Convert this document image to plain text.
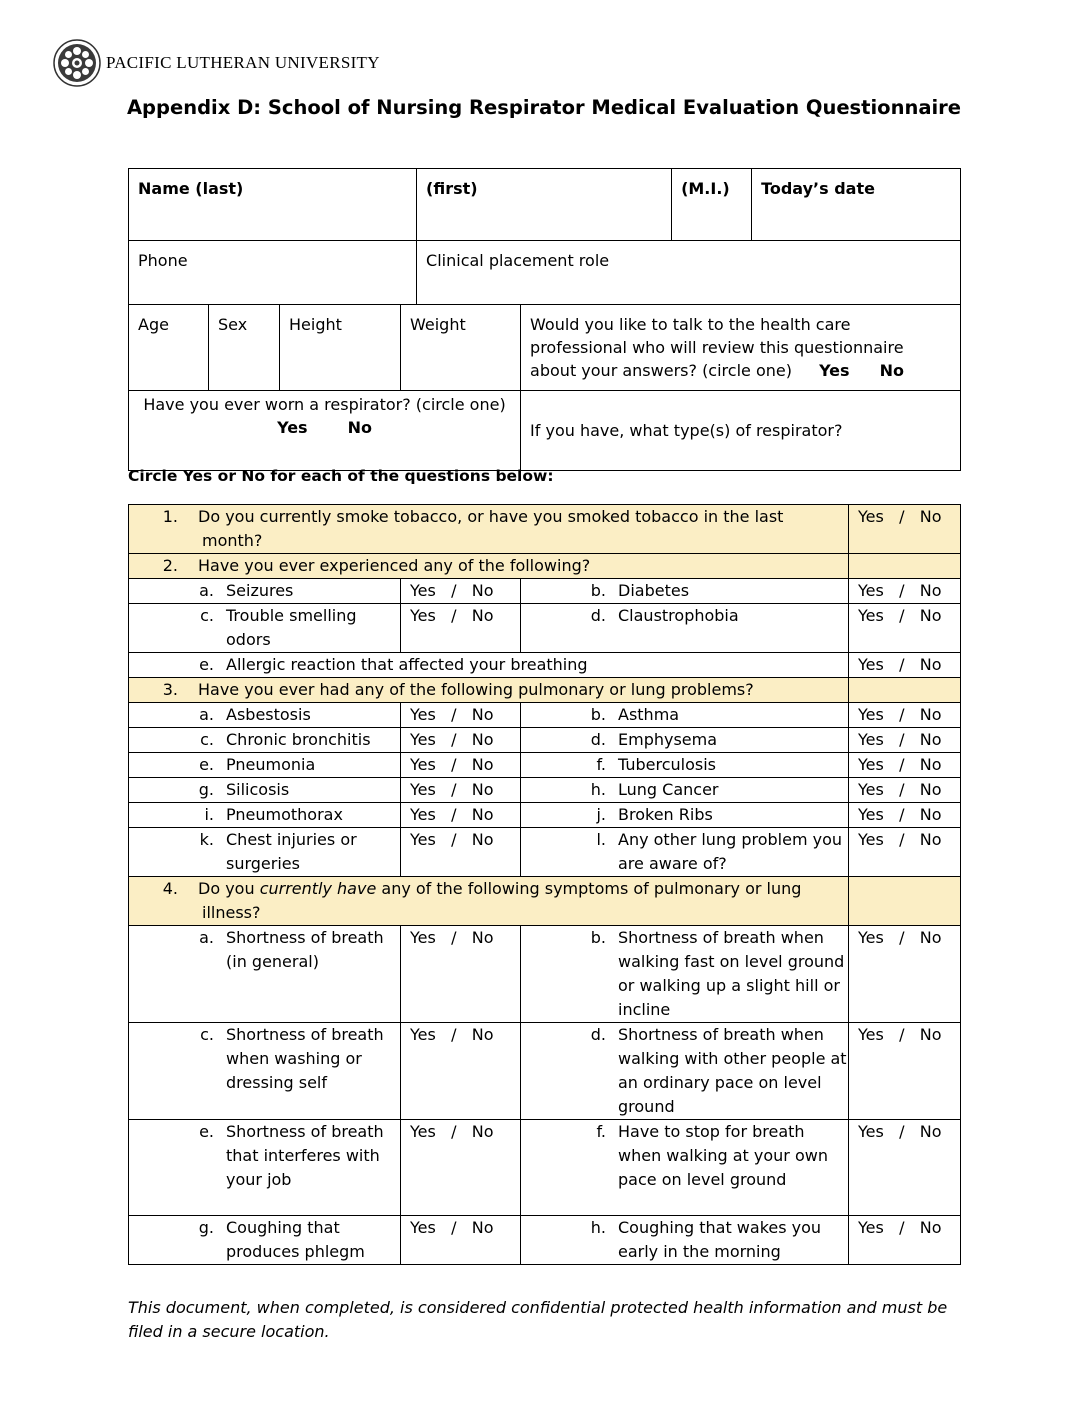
PACIFIC LUTHERAN UNIVERSITY
Appendix D: School of Nursing Respirator Medical Evaluation Questionnaire
Name (last)				(first)		(M.I.)	Today’s date
Phone				Clinical placement role			
Age	Sex	Height	Weight		Would you like to talk to the health care professional who will review this questionnaire about your answers? (circle one) Yes No		

Have you ever worn a respirator? (circle one)
Yes No					If you have, what type(s) of respirator?		
Circle Yes or No for each of the questions below:
1. Do you currently smoke tobacco, or have you smoked tobacco in the last month?			Yes   /   No
2. Have you ever experienced any of the following?			

a. Seizures	Yes   /   No	b. Diabetes	Yes   /   No

c. Trouble smelling odors	Yes   /   No	d. Claustrophobia	Yes   /   No

e. Allergic reaction that affected your breathing			Yes   /   No
3. Have you ever had any of the following pulmonary or lung problems?			

a. Asbestosis	Yes   /   No	b. Asthma	Yes   /   No

c. Chronic bronchitis	Yes   /   No	d. Emphysema	Yes   /   No

e. Pneumonia	Yes   /   No	f. Tuberculosis	Yes   /   No

g. Silicosis	Yes   /   No	h. Lung Cancer	Yes   /   No

i. Pneumothorax	Yes   /   No	j. Broken Ribs	Yes   /   No

k. Chest injuries or surgeries	Yes   /   No	l. Any other lung problem you are aware of?	Yes   /   No

4. Do you currently have any of the following symptoms of pulmonary or lung illness?			

a. Shortness of breath (in general)	Yes   /   No	b. Shortness of breath when walking fast on level ground or walking up a slight hill or incline	Yes   /   No

c. Shortness of breath when washing or dressing self	Yes   /   No	d. Shortness of breath when walking with other people at an ordinary pace on level ground	Yes   /   No

e. Shortness of breath that interferes with your job	Yes   /   No	f. Have to stop for breath when walking at your own pace on level ground	Yes   /   No

g. Coughing that produces phlegm	Yes   /   No	h. Coughing that wakes you early in the morning	Yes   /   No
This document, when completed, is considered confidential protected health information and must be filed in a secure location.
